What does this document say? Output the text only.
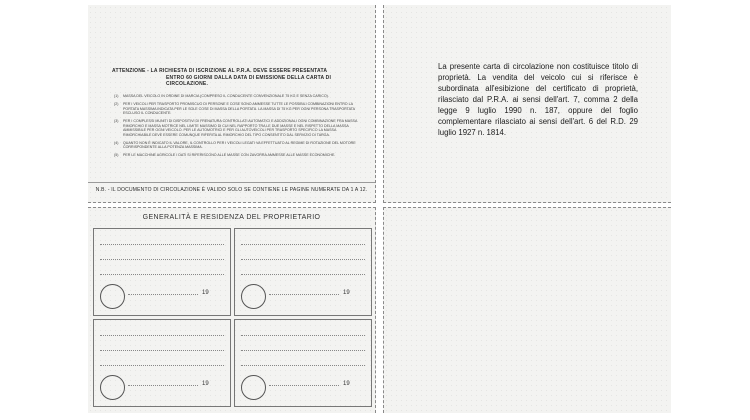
ATTENZIONE - LA RICHIESTA DI ISCRIZIONE AL P.R.A. DEVE ESSERE PRESENTATA
ENTRO 60 GIORNI DALLA DATA DI EMISSIONE DELLA CARTA DI CIRCOLAZIONE.
(1)	MASSA DEL VEICOLO IN ORDINE DI MARCIA (COMPRESO IL CONDUCENTE CONVENZIONALE 75 KG E SENZA CARICO).
(2)	PER I VEICOLI PER TRASPORTO PROMISCUO DI PERSONE E COSE SONO AMMESSE TUTTE LE POSSIBILI COMBINAZIONI ENTRO LA PORTATA MASSIMA INDICATA PER LE SOLE COSE DI MASSA DELLA PORTATA. LA MASSA DI 75 KG PER OGNI PERSONA TRASPORTATA ESCLUSO IL CONDUCENTE.
(3)	PER I COMPLESSI MUNITI DI DISPOSITIVI DI FRENATURA CONTROLLATI AUTOMATICI E ADDIZIONALI OGNI COMBINAZIONE FRA MASSA RIMORCHIO E MASSA MOTRICE NEL LIMITE MASSIMO DI CUI NEL RAPPORTO TRA LE DUE MASSE E NEL RISPETTO DELLA MASSA AMMISSIBILE PER OGNI VEICOLO. PER LE AUTOMOTRICI E PER GLI AUTOVEICOLI PER TRASPORTO SPECIFICO LA MASSA RIMORCHIABILE DEVE ESSERE COMUNQUE RIFERITA AL RIMORCHIO DEL TIPO CONSENTITO DAL SERVIZIO DI TARGA.
(4)	QUANTO NON È INDICATO IL VALORE, IL CONTROLLO PER I VEICOLI LEGATI VA EFFETTUATO AL REGIME DI ROTAZIONE DEL MOTORE CORRISPONDENTE ALLA POTENZA MASSIMA.
(5)	PER LE MACCHINE AGRICOLE I DATI SI RIFERISCONO ALLE MASSE CON ZAVORRA AMMESSE ALLE MASSE ECONOMICHE.
N.B. - IL DOCUMENTO DI CIRCOLAZIONE È VALIDO SOLO SE CONTIENE LE PAGINE NUMERATE DA 1 A 12.
La presente carta di circolazione non costituisce titolo di proprietà. La vendita del veicolo cui si riferisce è subordinata all'esibizione del certificato di proprietà, rilasciato dal P.R.A. ai sensi dell'art. 7, comma 2 della legge 9 luglio 1990 n. 187, oppure del foglio complementare rilasciato ai sensi dell'art. 6 del R.D. 29 luglio 1927 n. 1814.
GENERALITÀ E RESIDENZA DEL PROPRIETARIO
19	19
19	19
